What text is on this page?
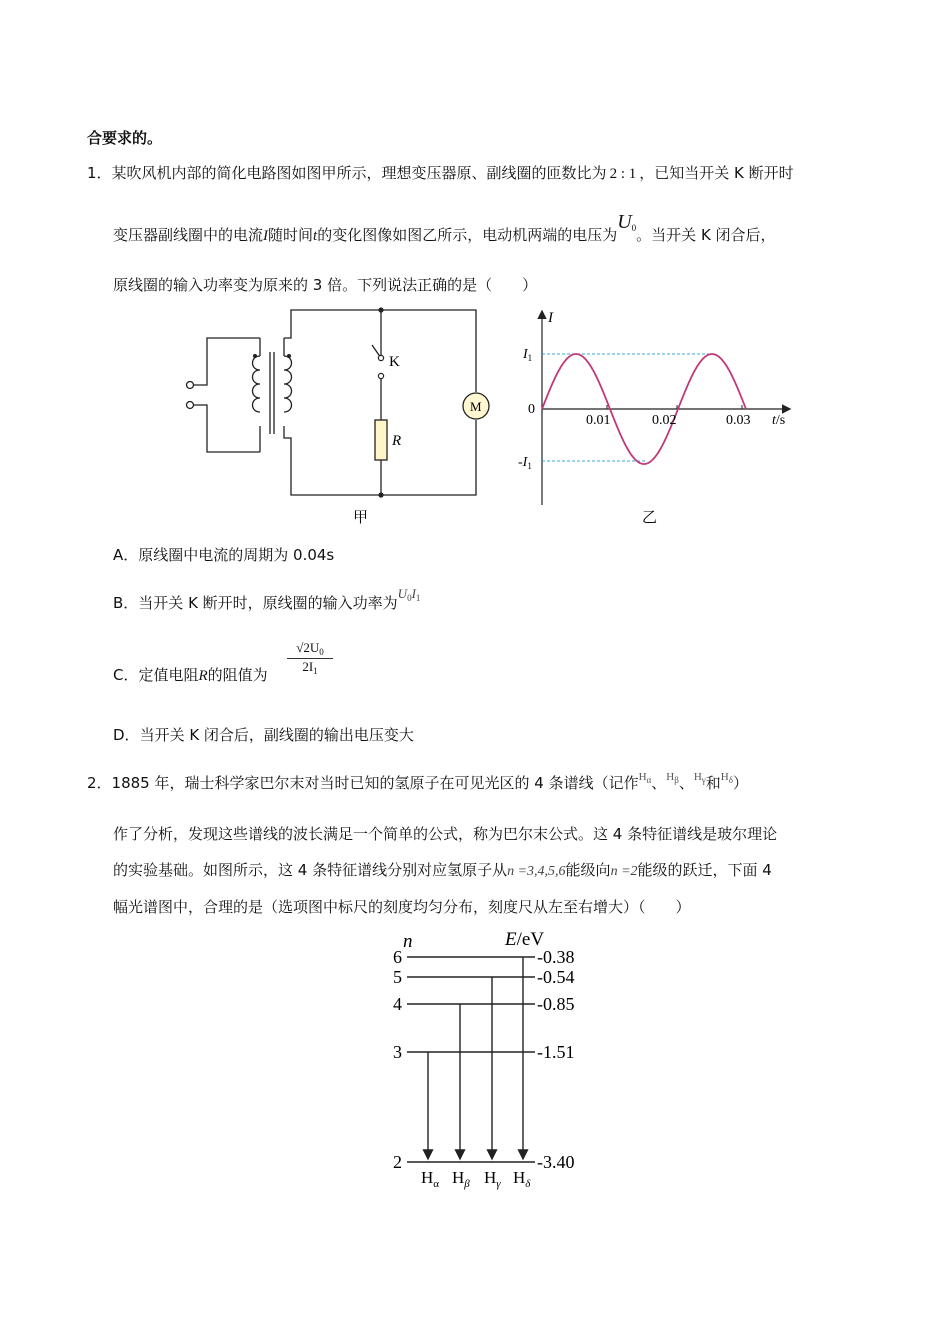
合要求的。
1．某吹风机内部的简化电路图如图甲所示，理想变压器原、副线圈的匝数比为 2 : 1 ，已知当开关 K 断开时
变压器副线圈中的电流I随时间t的变化图像如图乙所示，电动机两端的电压为$U_0$。当开关 K 闭合后，
原线圈的输入功率变为原来的 3 倍。下列说法正确的是（　　）
K
R
M
甲
I
t/s
0
0.01	0.02	0.03
$I_1$
$-I_1$
乙
A．原线圈中电流的周期为 0.04s
B．当开关 K 断开时，原线圈的输入功率为$U_0I_1$
C．定值电阻R的阻值为
$√2U_0$
$2I_1$
D．当开关 K 闭合后，副线圈的输出电压变大
2．1885 年，瑞士科学家巴尔末对当时已知的氢原子在可见光区的 4 条谱线（记作$^{H_\alpha}$、$^{H_\beta}$、$^{H_\gamma}$和$^{H_\delta}$）
作了分析，发现这些谱线的波长满足一个简单的公式，称为巴尔末公式。这 4 条特征谱线是玻尔理论
的实验基础。如图所示，这 4 条特征谱线分别对应氢原子从n =3,4,5,6能级向n =2能级的跃迁，下面 4
幅光谱图中，合理的是（选项图中标尺的刻度均匀分布，刻度尺从左至右增大）（　　）
n	E/eV
6
5
4
3
2
-0.38
-0.54
-0.85
-1.51
-3.40
$H_\alpha$ $H_\beta$ $H_\gamma$ $H_\delta$
